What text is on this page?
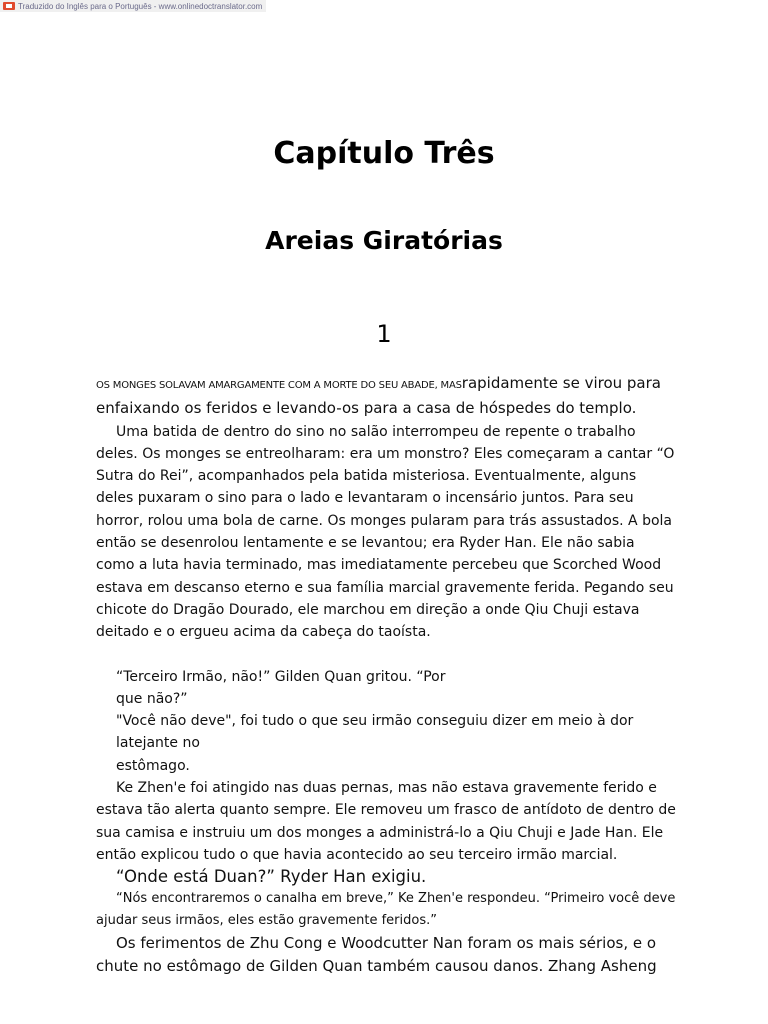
Traduzido do Inglês para o Português - www.onlinedoctranslator.com
Capítulo Três
Areias Giratórias
1

OS MONGES SOLAVAM AMARGAMENTE COM A MORTE DO SEU ABADE, MASrapidamente se virou para enfaixando os feridos e levando-os para a casa de hóspedes do templo.

Uma batida de dentro do sino no salão interrompeu de repente o trabalho deles. Os monges se entreolharam: era um monstro? Eles começaram a cantar “O Sutra do Rei”, acompanhados pela batida misteriosa. Eventualmente, alguns deles puxaram o sino para o lado e levantaram o incensário juntos. Para seu horror, rolou uma bola de carne. Os monges pularam para trás assustados. A bola então se desenrolou lentamente e se levantou; era Ryder Han. Ele não sabia como a luta havia terminado, mas imediatamente percebeu que Scorched Wood estava em descanso eterno e sua família marcial gravemente ferida. Pegando seu chicote do Dragão Dourado, ele marchou em direção a onde Qiu Chuji estava deitado e o ergueu acima da cabeça do taoísta.

“Terceiro Irmão, não!” Gilden Quan gritou. “Por

que não?”

"Você não deve", foi tudo o que seu irmão conseguiu dizer em meio à dor latejante no

estômago.

Ke Zhen'e foi atingido nas duas pernas, mas não estava gravemente ferido e estava tão alerta quanto sempre. Ele removeu um frasco de antídoto de dentro de sua camisa e instruiu um dos monges a administrá-lo a Qiu Chuji e Jade Han. Ele então explicou tudo o que havia acontecido ao seu terceiro irmão marcial.

“Onde está Duan?” Ryder Han exigiu.

“Nós encontraremos o canalha em breve,” Ke Zhen'e respondeu. “Primeiro você deve ajudar seus irmãos, eles estão gravemente feridos.”

Os ferimentos de Zhu Cong e Woodcutter Nan foram os mais sérios, e o chute no estômago de Gilden Quan também causou danos. Zhang Asheng
